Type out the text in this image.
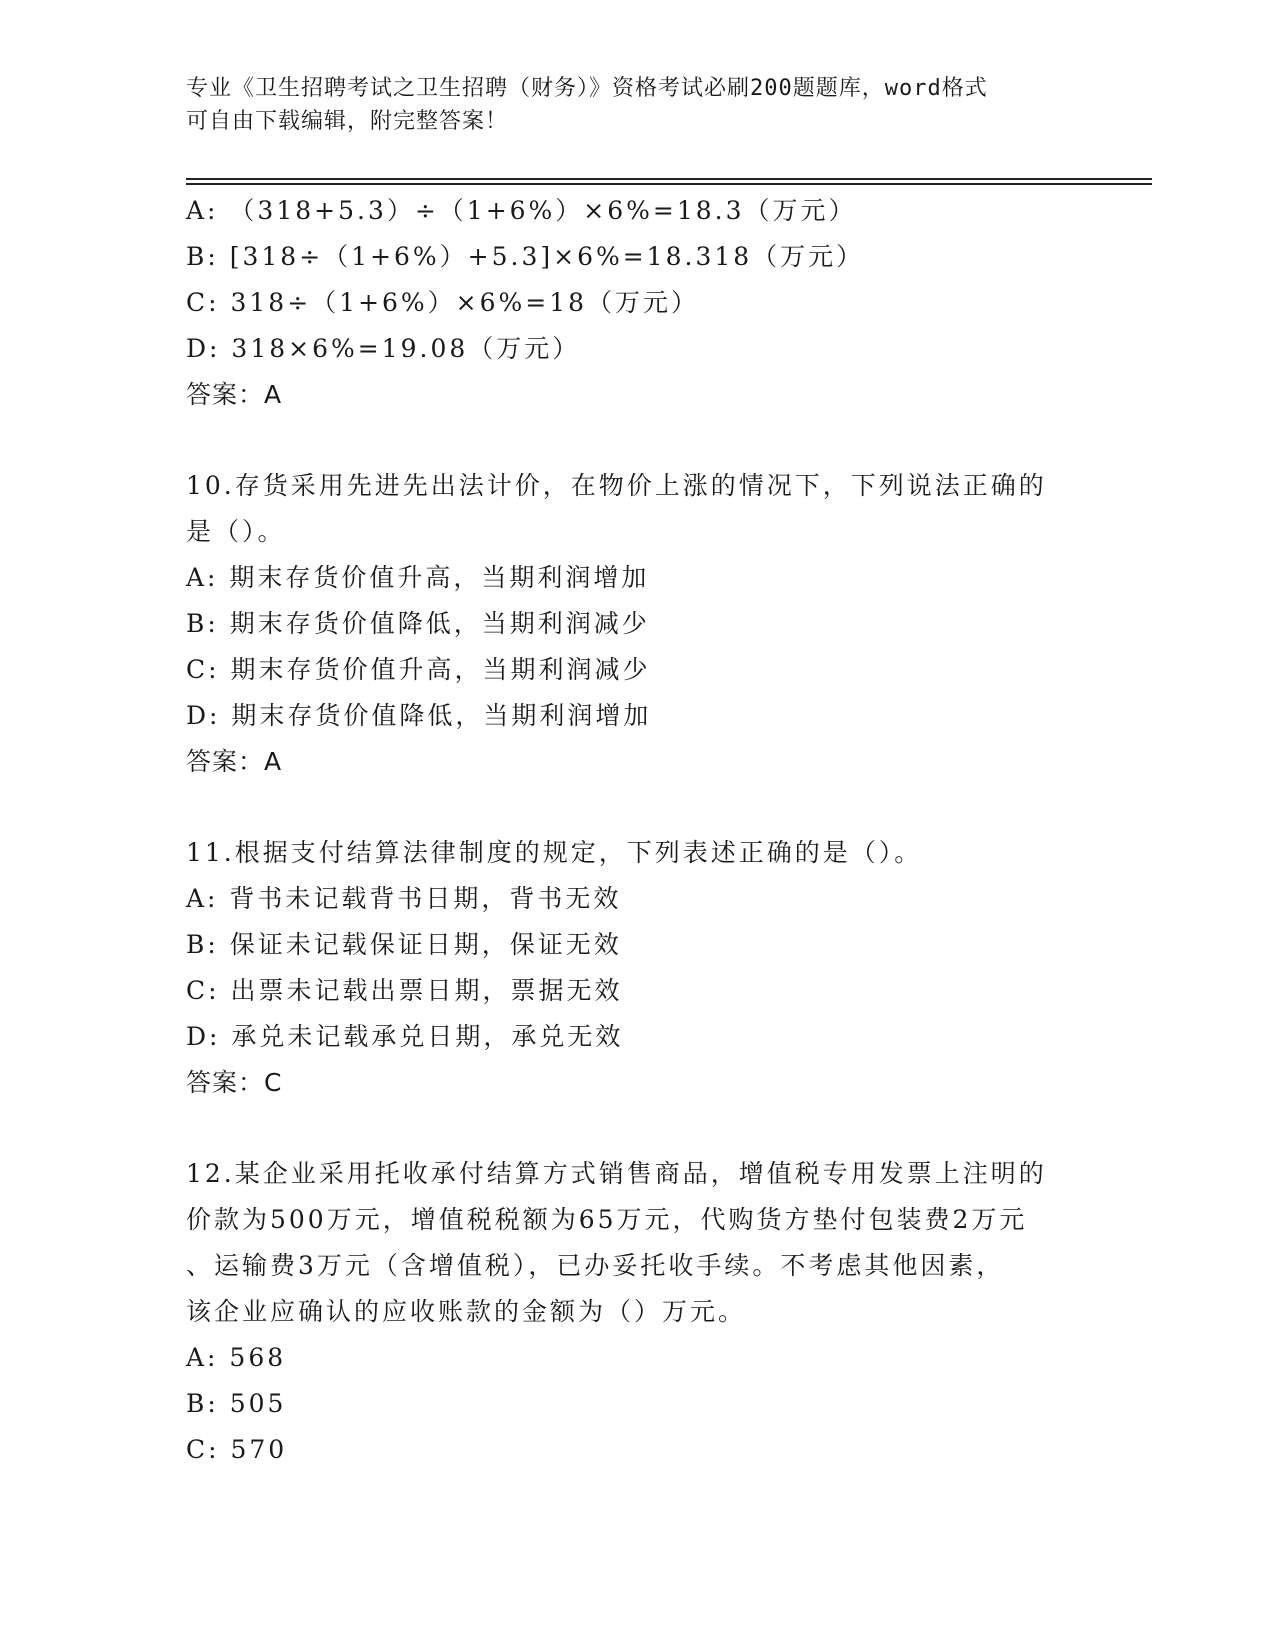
专业《卫生招聘考试之卫生招聘（财务）》资格考试必刷200题题库，word格式
可自由下载编辑，附完整答案！
A: （318+5.3）÷（1+6%）×6%=18.3（万元）
B: [318÷（1+6%）+5.3]×6%=18.318（万元）
C: 318÷（1+6%）×6%=18（万元）
D: 318×6%=19.08（万元）
答案：A
10.存货采用先进先出法计价，在物价上涨的情况下，下列说法正确的
是（）。
A: 期末存货价值升高，当期利润增加
B: 期末存货价值降低，当期利润减少
C: 期末存货价值升高，当期利润减少
D: 期末存货价值降低，当期利润增加
答案：A
11.根据支付结算法律制度的规定，下列表述正确的是（）。
A: 背书未记载背书日期，背书无效
B: 保证未记载保证日期，保证无效
C: 出票未记载出票日期，票据无效
D: 承兑未记载承兑日期，承兑无效
答案：C
12.某企业采用托收承付结算方式销售商品，增值税专用发票上注明的
价款为500万元，增值税税额为65万元，代购货方垫付包装费2万元
、运输费3万元（含增值税），已办妥托收手续。不考虑其他因素，
该企业应确认的应收账款的金额为（）万元。
A: 568
B: 505
C: 570
